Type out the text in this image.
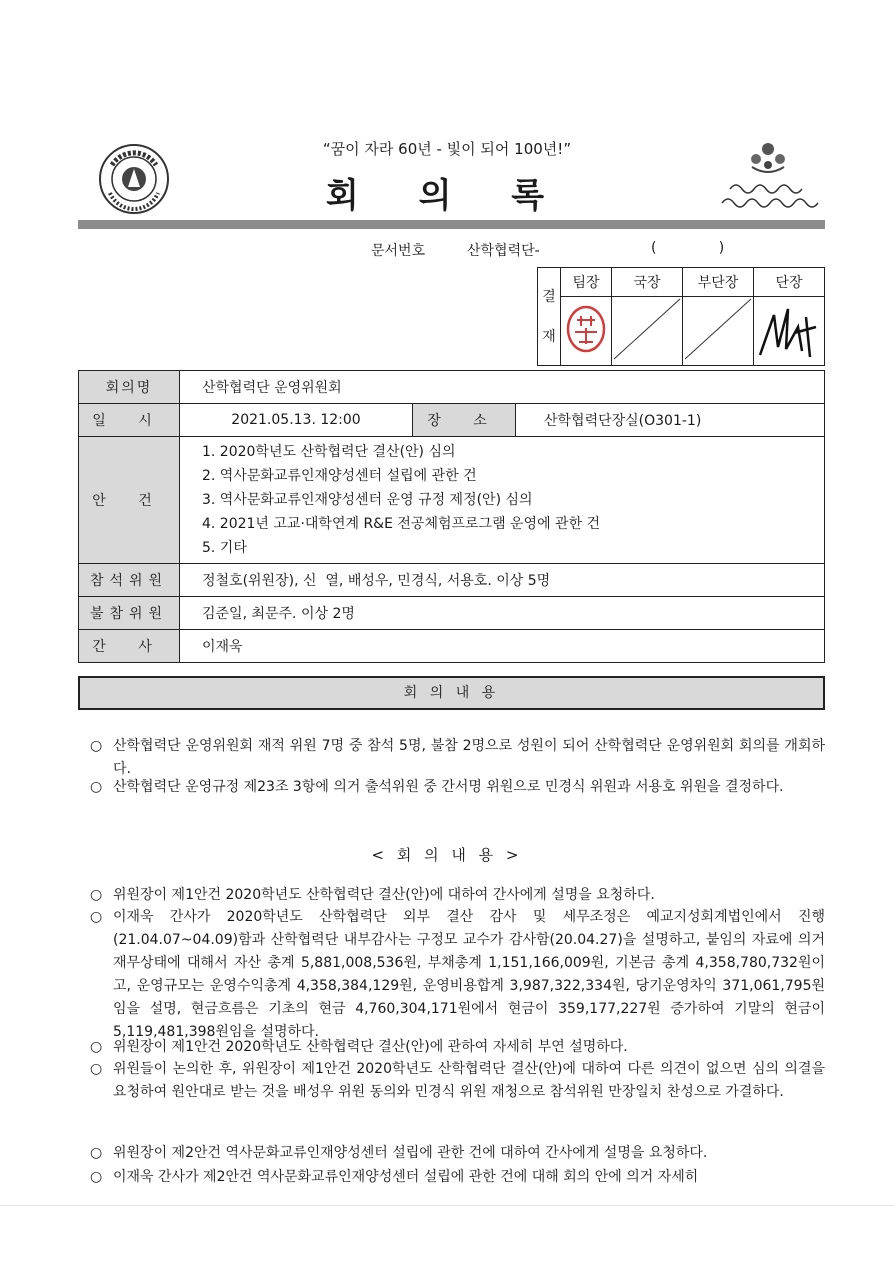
“꿈이 자라 60년 - 빛이 되어 100년!”
회 의 록
문서번호	산학협력단-	(              )
결
재	팀장	국장	부단장	단장

회의명	산학협력단 운영위원회		
일 시	2021.05.13. 12:00	장 소	산학협력단장실(O301-1)
안 건	1. 2020학년도 산학협력단 결산(안) 심의
2. 역사문화교류인재양성센터 설립에 관한 건
3. 역사문화교류인재양성센터 운영 규정 제정(안) 심의
4. 2021년 고교·대학연계 R&E 전공체험프로그램 운영에 관한 건
5. 기타		

참석위원	정철호(위원장), 신  열, 배성우, 민경식, 서용호. 이상 5명		
불참위원	김준일, 최문주. 이상 2명		
간 사	이재욱		
회 의 내 용
○ 산학협력단 운영위원회 재적 위원 7명 중 참석 5명, 불참 2명으로 성원이 되어 산학협력단 운영위원회 회의를 개회하다.
○ 산학협력단 운영규정 제23조 3항에 의거 출석위원 중 간서명 위원으로 민경식 위원과 서용호 위원을 결정하다.
< 회 의 내 용 >
○ 위원장이 제1안건 2020학년도 산학협력단 결산(안)에 대하여 간사에게 설명을 요청하다.
○ 이재욱 간사가 2020학년도 산학협력단 외부 결산 감사 및 세무조정은 예교지성회계법인에서 진행(21.04.07~04.09)함과 산학협력단 내부감사는 구정모 교수가 감사함(20.04.27)을 설명하고, 붙임의 자료에 의거 재무상태에 대해서 자산 총계 5,881,008,536원, 부채총계 1,151,166,009원, 기본금 총계 4,358,780,732원이고, 운영규모는 운영수익총계 4,358,384,129원, 운영비용합계 3,987,322,334원, 당기운영차익 371,061,795원임을 설명, 현금흐름은 기초의 현금 4,760,304,171원에서 현금이 359,177,227원 증가하여 기말의 현금이 5,119,481,398원임을 설명하다.
○ 위원장이 제1안건 2020학년도 산학협력단 결산(안)에 관하여 자세히 부연 설명하다.
○ 위원들이 논의한 후, 위원장이 제1안건 2020학년도 산학협력단 결산(안)에 대하여 다른 의견이 없으면 심의 의결을 요청하여 원안대로 받는 것을 배성우 위원 동의와 민경식 위원 재청으로 참석위원 만장일치 찬성으로 가결하다.
○ 위원장이 제2안건 역사문화교류인재양성센터 설립에 관한 건에 대하여 간사에게 설명을 요청하다.
○ 이재욱 간사가 제2안건 역사문화교류인재양성센터 설립에 관한 건에 대해 회의 안에 의거 자세히
